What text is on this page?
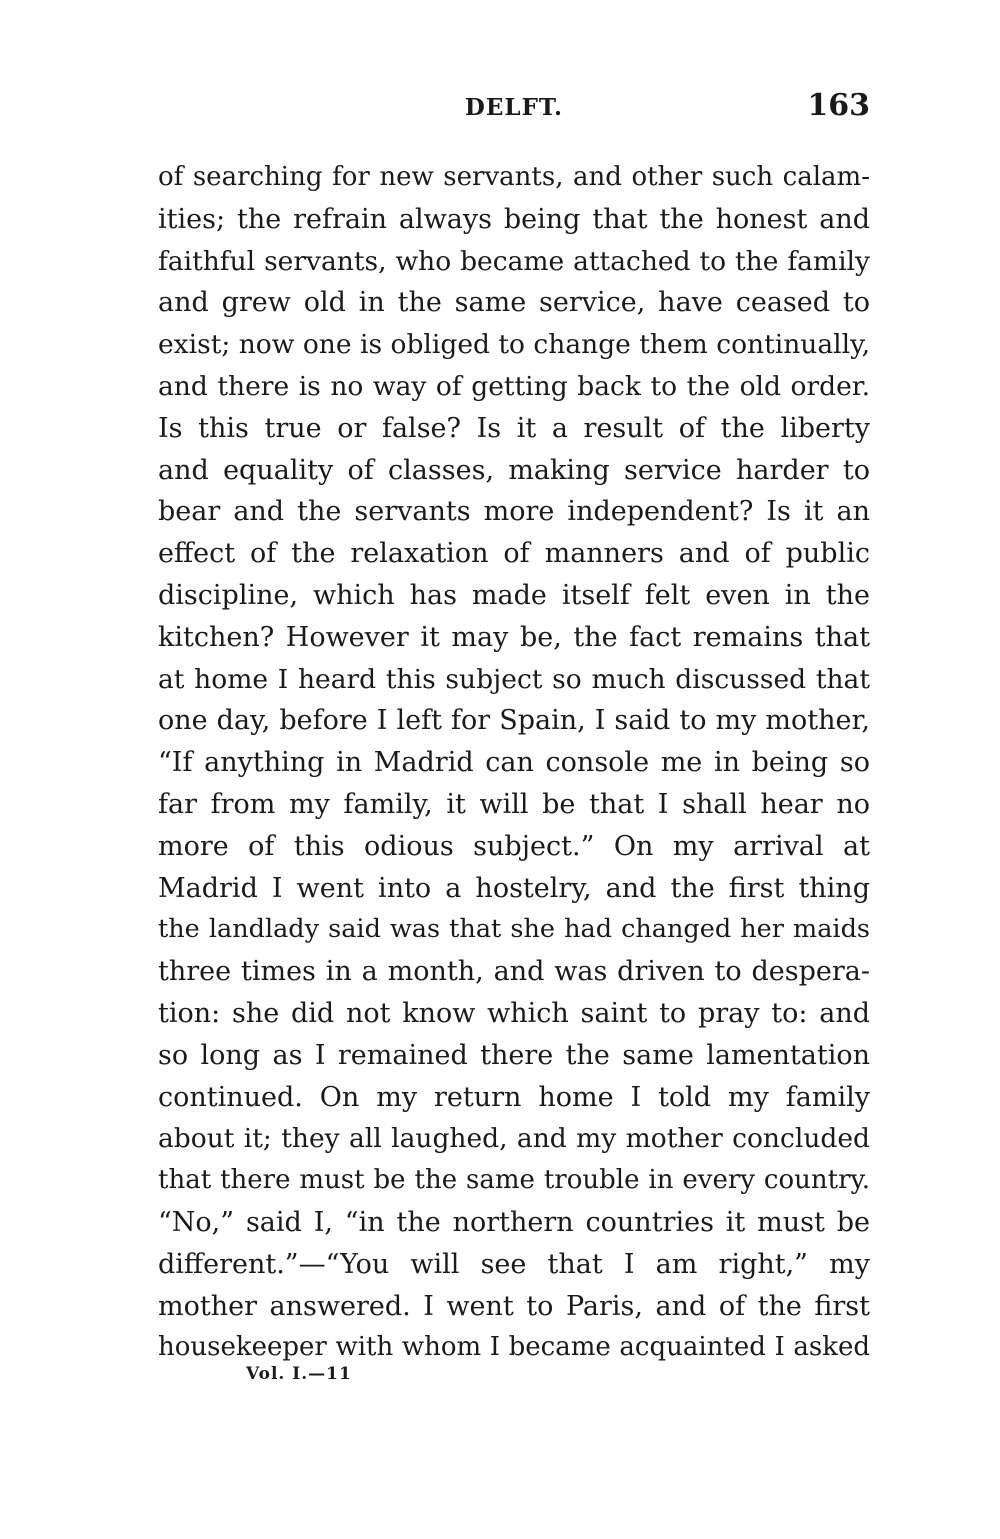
DELFT.	163
of searching for new servants, and other such calam-
ities; the refrain always being that the honest and
faithful servants, who became attached to the family
and grew old in the same service, have ceased to
exist; now one is obliged to change them continually,
and there is no way of getting back to the old order.
Is this true or false? Is it a result of the liberty
and equality of classes, making service harder to
bear and the servants more independent? Is it an
effect of the relaxation of manners and of public
discipline, which has made itself felt even in the
kitchen? However it may be, the fact remains that
at home I heard this subject so much discussed that
one day, before I left for Spain, I said to my mother,
“If anything in Madrid can console me in being so
far from my family, it will be that I shall hear no
more of this odious subject.” On my arrival at
Madrid I went into a hostelry, and the first thing
the landlady said was that she had changed her maids
three times in a month, and was driven to despera-
tion: she did not know which saint to pray to: and
so long as I remained there the same lamentation
continued. On my return home I told my family
about it; they all laughed, and my mother concluded
that there must be the same trouble in every country.
“No,” said I, “in the northern countries it must be
different.”—“You will see that I am right,” my
mother answered. I went to Paris, and of the first
housekeeper with whom I became acquainted I asked
Vol. I.—11
